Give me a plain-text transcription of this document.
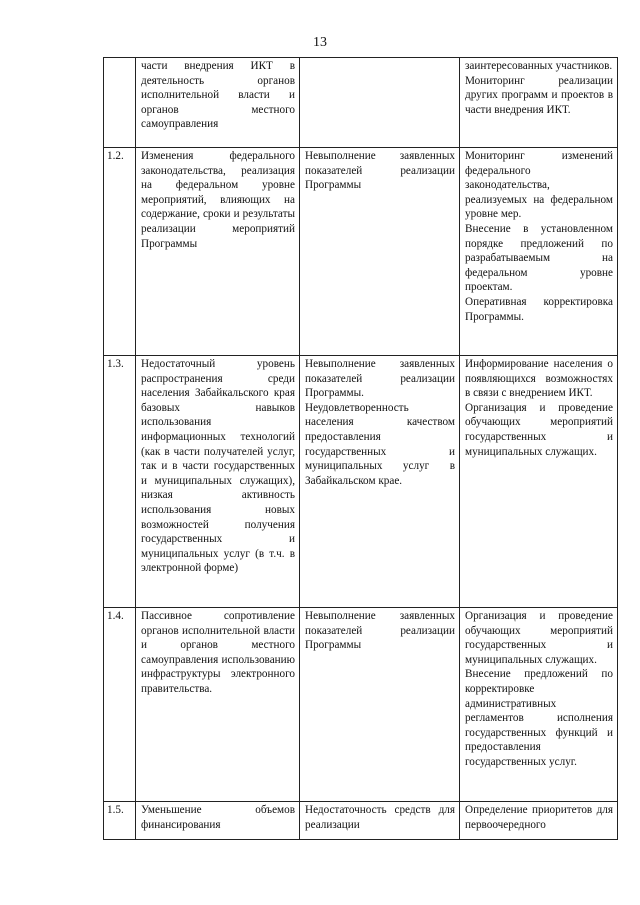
13

	части внедрения ИКТ в деятельность органов исполнительной власти и органов местного самоуправления		заинтересованных участников.
Мониторинг реализации других программ и проектов в части внедрения ИКТ.

1.2.	Изменения федерального законодательства, реализация на федеральном уровне мероприятий, влияющих на содержание, сроки и результаты реализации мероприятий Программы	Невыполнение заявленных показателей реализации Программы	Мониторинг изменений федерального законодательства, реализуемых на федеральном уровне мер.
Внесение в установленном порядке предложений по разрабатываемым на федеральном уровне проектам.
Оперативная корректировка Программы.

1.3.	Недостаточный уровень распространения среди населения Забайкальского края базовых навыков использования информационных технологий (как в части получателей услуг, так и в части государственных и муниципальных служащих), низкая активность использования новых возможностей получения государственных и муниципальных услуг (в т.ч. в электронной форме)	Невыполнение заявленных показателей реализации Программы.
Неудовлетворенность населения качеством предоставления государственных и муниципальных услуг в Забайкальском крае.	Информирование населения о появляющихся возможностях в связи с внедрением ИКТ.
Организация и проведение обучающих мероприятий государственных и муниципальных служащих.

1.4.	Пассивное сопротивление органов исполнительной власти и органов местного самоуправления использованию инфраструктуры электронного правительства.	Невыполнение заявленных показателей реализации Программы	Организация и проведение обучающих мероприятий государственных и муниципальных служащих.
Внесение предложений по корректировке административных регламентов исполнения государственных функций и предоставления государственных услуг.

1.5.	Уменьшение объемов финансирования	Недостаточность средств для реализации	Определение приоритетов для первоочередного
